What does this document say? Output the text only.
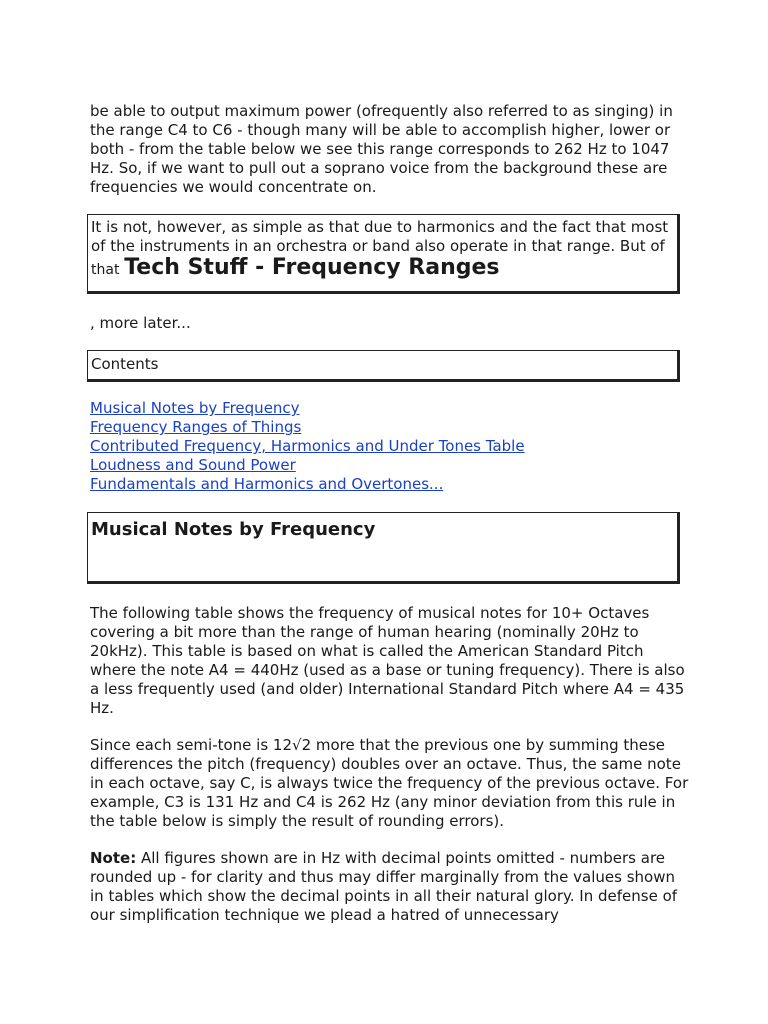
be able to output maximum power (ofrequently also referred to as singing) in the range C4 to C6 - though many will be able to accomplish higher, lower or both - from the table below we see this range corresponds to 262 Hz to 1047 Hz. So, if we want to pull out a soprano voice from the background these are frequencies we would concentrate on.

It is not, however, as simple as that due to harmonics and the fact that most of the instruments in an orchestra or band also operate in that range. But of that Tech Stuff - Frequency Ranges

, more later...

Contents
Musical Notes by Frequency
Frequency Ranges of Things
Contributed Frequency, Harmonics and Under Tones Table
Loudness and Sound Power
Fundamentals and Harmonics and Overtones...
Musical Notes by Frequency

The following table shows the frequency of musical notes for 10+ Octaves covering a bit more than the range of human hearing (nominally 20Hz to 20kHz). This table is based on what is called the American Standard Pitch where the note A4 = 440Hz (used as a base or tuning frequency). There is also a less frequently used (and older) International Standard Pitch where A4 = 435 Hz.

Since each semi-tone is 12√2 more that the previous one by summing these differences the pitch (frequency) doubles over an octave. Thus, the same note in each octave, say C, is always twice the frequency of the previous octave. For example, C3 is 131 Hz and C4 is 262 Hz (any minor deviation from this rule in the table below is simply the result of rounding errors).

Note: All figures shown are in Hz with decimal points omitted - numbers are rounded up - for clarity and thus may differ marginally from the values shown in tables which show the decimal points in all their natural glory. In defense of our simplification technique we plead a hatred of unnecessary
